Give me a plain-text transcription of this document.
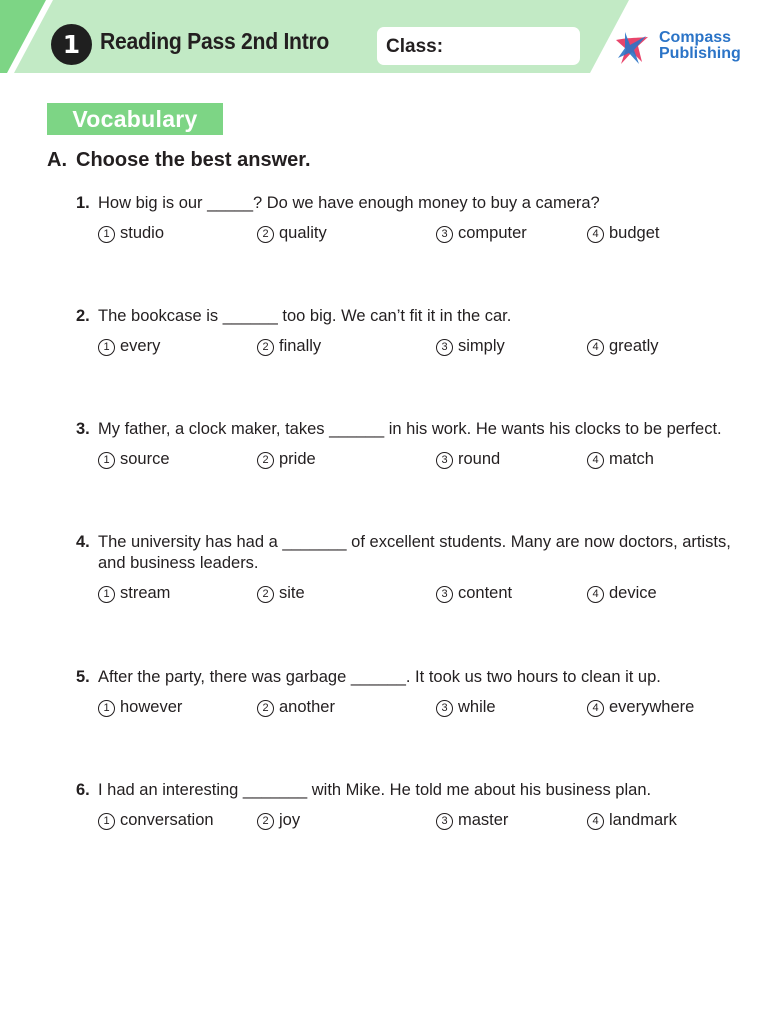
1 Reading Pass 2nd Intro	Class:	Compass
Publishing
Vocabulary
A. Choose the best answer.
1. How big is our _____? Do we have enough money to buy a camera?
1 studio	2 quality	3 computer	4 budget
2. The bookcase is ______ too big. We can’t fit it in the car.
1 every	2 finally	3 simply	4 greatly
3. My father, a clock maker, takes ______ in his work. He wants his clocks to be perfect.
1 source	2 pride	3 round	4 match
4. The university has had a _______ of excellent students. Many are now doctors, artists, and business leaders.
1 stream	2 site	3 content	4 device
5. After the party, there was garbage ______. It took us two hours to clean it up.
1 however	2 another	3 while	4 everywhere
6. I had an interesting _______ with Mike. He told me about his business plan.
1 conversation	2 joy	3 master	4 landmark
